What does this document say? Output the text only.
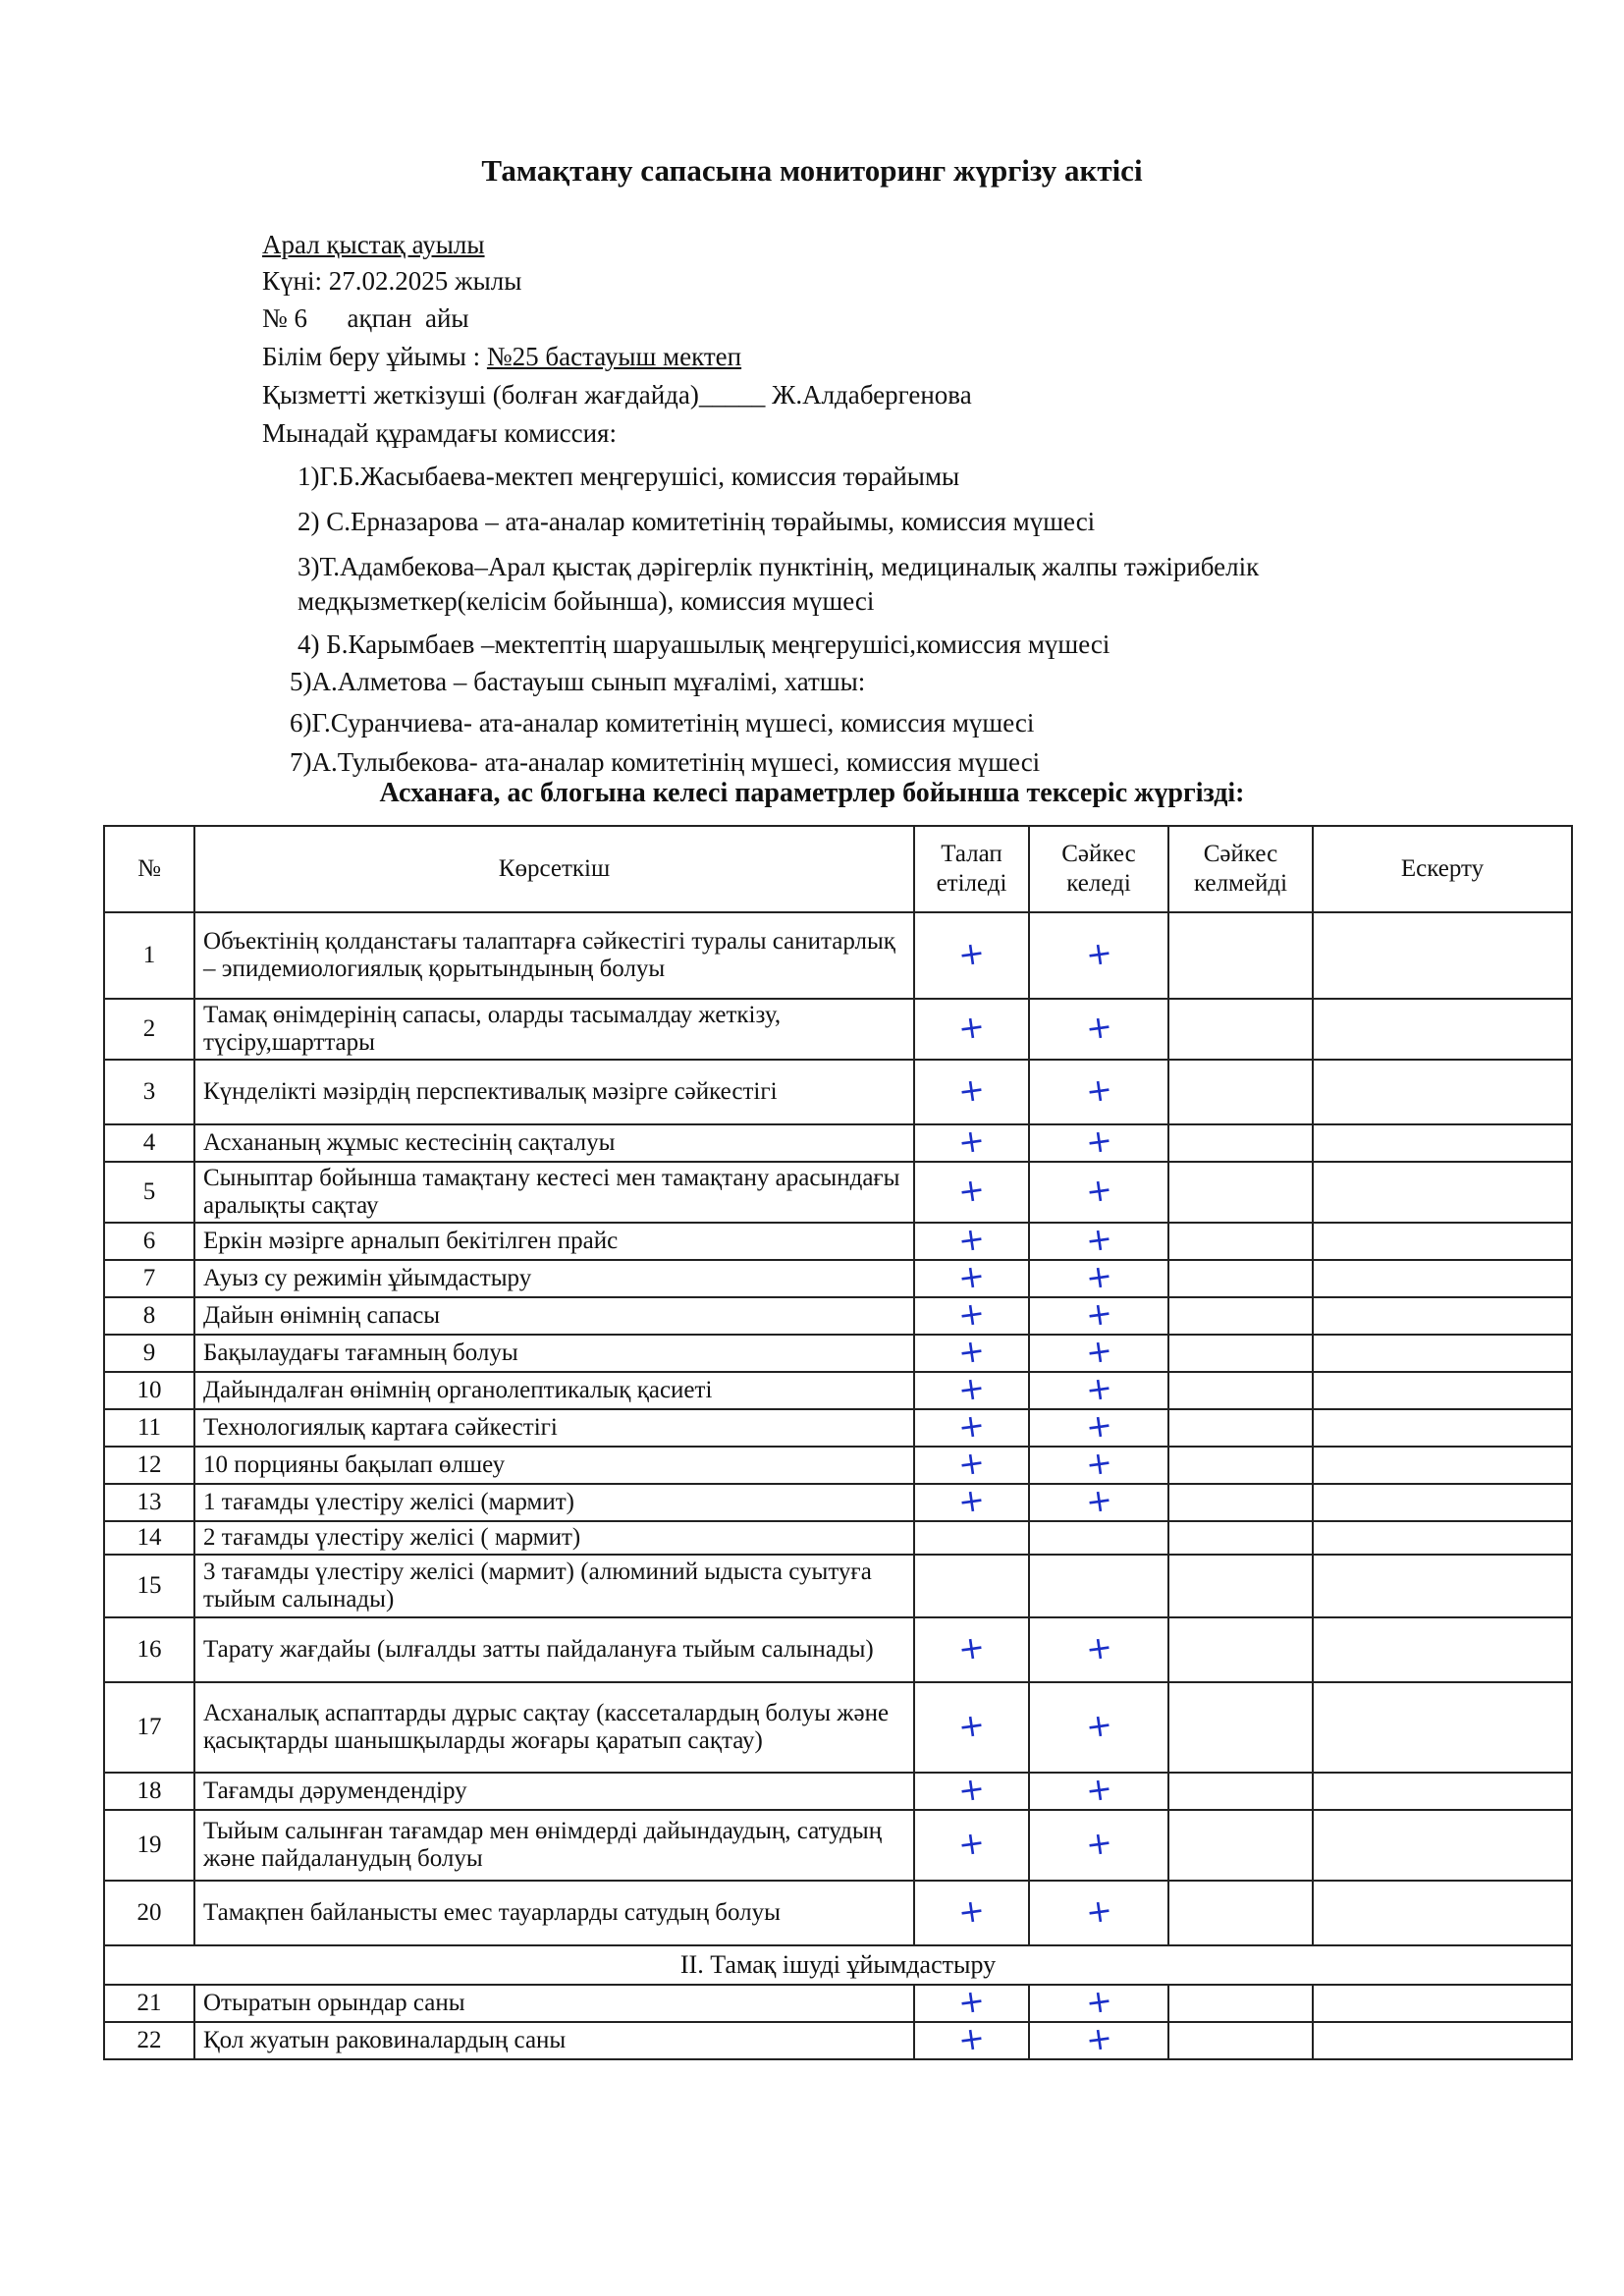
Тамақтану сапасына мониторинг жүргізу актісі
Арал қыстақ ауылы
Күні: 27.02.2025 жылы
№ 6      ақпан  айы
Білім беру ұйымы : №25 бастауыш мектеп
Қызметті жеткізуші (болған жағдайда)_____ Ж.Алдабергенова
Мынадай құрамдағы комиссия:
1)Г.Б.Жасыбаева-мектеп меңгерушісі, комиссия төрайымы
2) С.Ерназарова – ата-аналар комитетінің төрайымы, комиссия мүшесі
3)Т.Адамбекова–Арал қыстақ дәрігерлік пунктінің, медициналық жалпы тәжірибелік
медқызметкер(келісім бойынша), комиссия мүшесі
4) Б.Карымбаев –мектептің шаруашылық меңгерушісі,комиссия мүшесі
5)А.Алметова – бастауыш сынып мұғалімі, хатшы:
6)Г.Суранчиева- ата-аналар комитетінің мүшесі, комиссия мүшесі
7)А.Тулыбекова- ата-аналар комитетінің мүшесі, комиссия мүшесі
Асханаға, ас блогына келесі параметрлер бойынша тексеріс жүргізді:
№	Көрсеткіш	Талап етіледі	Сәйкес келеді	Сәйкес келмейді	Ескерту
1	Объектінің қолданстағы талаптарға сәйкестігі туралы санитарлық – эпидемиологиялық қорытындының болуы	+	+		
2	Тамақ өнімдерінің сапасы, оларды тасымалдау жеткізу, түсіру,шарттары	+	+		
3	Күнделікті мәзірдің перспективалық мәзірге сәйкестігі	+	+		
4	Асхананың жұмыс кестесінің сақталуы	+	+		
5	Сыныптар бойынша тамақтану кестесі мен тамақтану арасындағы аралықты сақтау	+	+		
6	Еркін мәзірге арналып бекітілген прайс	+	+		
7	Ауыз су режимін ұйымдастыру	+	+		
8	Дайын өнімнің сапасы	+	+		
9	Бақылаудағы тағамның болуы	+	+		
10	Дайындалған өнімнің органолептикалық қасиеті	+	+		
11	Технологиялық картаға сәйкестігі	+	+		
12	10 порцияны бақылап өлшеу	+	+		
13	1 тағамды үлестіру желісі (мармит)	+	+		
14	2 тағамды үлестіру желісі ( мармит)				
15	3 тағамды үлестіру желісі (мармит) (алюминий ыдыста суытуға тыйым салынады)				
16	Тарату жағдайы (ылғалды затты пайдалануға тыйым салынады)	+	+		
17	Асханалық аспаптарды дұрыс сақтау (кассеталардың болуы және қасықтарды шанышқыларды жоғары қаратып сақтау)	+	+		
18	Тағамды дәрумендендіру	+	+		
19	Тыйым салынған тағамдар мен өнімдерді дайындаудың, сатудың және пайдаланудың болуы	+	+		
20	Тамақпен байланысты емес тауарларды сатудың болуы	+	+		
II. Тамақ ішуді ұйымдастыру					
21	Отыратын орындар саны	+	+		
22	Қол жуатын раковиналардың саны	+	+		
